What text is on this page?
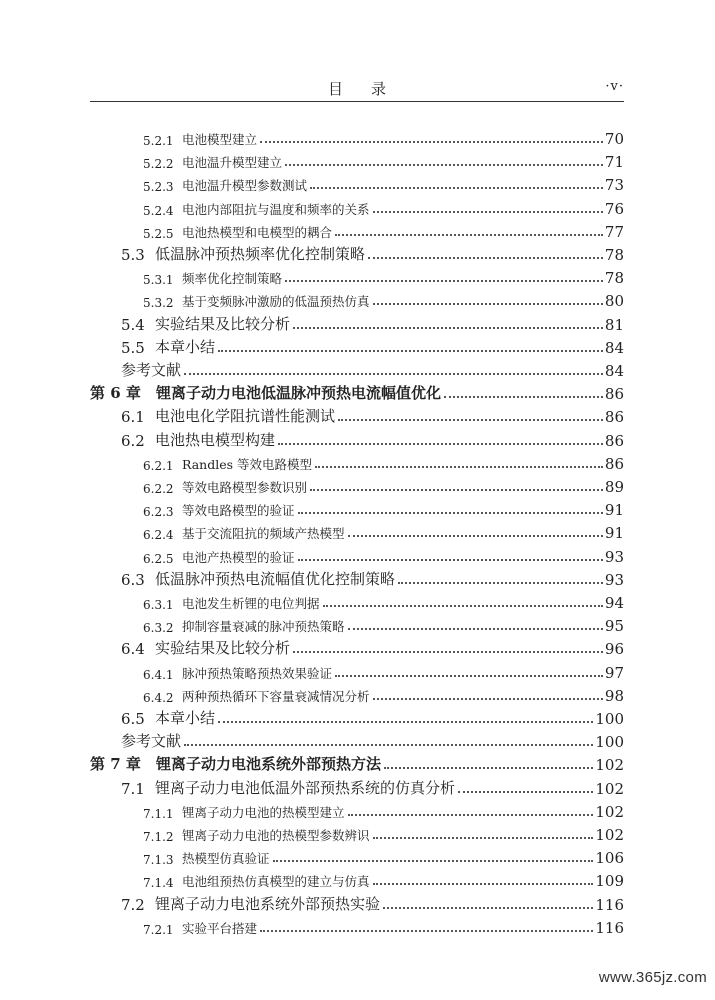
目录	·v·
5.2.1 电池模型建立	70
5.2.2 电池温升模型建立	71
5.2.3 电池温升模型参数测试	73
5.2.4 电池内部阻抗与温度和频率的关系	76
5.2.5 电池热模型和电模型的耦合	77
5.3 低温脉冲预热频率优化控制策略	78
5.3.1 频率优化控制策略	78
5.3.2 基于变频脉冲激励的低温预热仿真	80
5.4 实验结果及比较分析	81
5.5 本章小结	84
参考文献	84
第 6 章	锂离子动力电池低温脉冲预热电流幅值优化	86
6.1 电池电化学阻抗谱性能测试	86
6.2 电池热电模型构建	86
6.2.1 Randles 等效电路模型	86
6.2.2 等效电路模型参数识别	89
6.2.3 等效电路模型的验证	91
6.2.4 基于交流阻抗的频域产热模型	91
6.2.5 电池产热模型的验证	93
6.3 低温脉冲预热电流幅值优化控制策略	93
6.3.1 电池发生析锂的电位判据	94
6.3.2 抑制容量衰减的脉冲预热策略	95
6.4 实验结果及比较分析	96
6.4.1 脉冲预热策略预热效果验证	97
6.4.2 两种预热循环下容量衰减情况分析	98
6.5 本章小结	100
参考文献	100
第 7 章	锂离子动力电池系统外部预热方法	102
7.1 锂离子动力电池低温外部预热系统的仿真分析	102
7.1.1 锂离子动力电池的热模型建立	102
7.1.2 锂离子动力电池的热模型参数辨识	102
7.1.3 热模型仿真验证	106
7.1.4 电池组预热仿真模型的建立与仿真	109
7.2 锂离子动力电池系统外部预热实验	116
7.2.1 实验平台搭建	116
www.365jz.com
